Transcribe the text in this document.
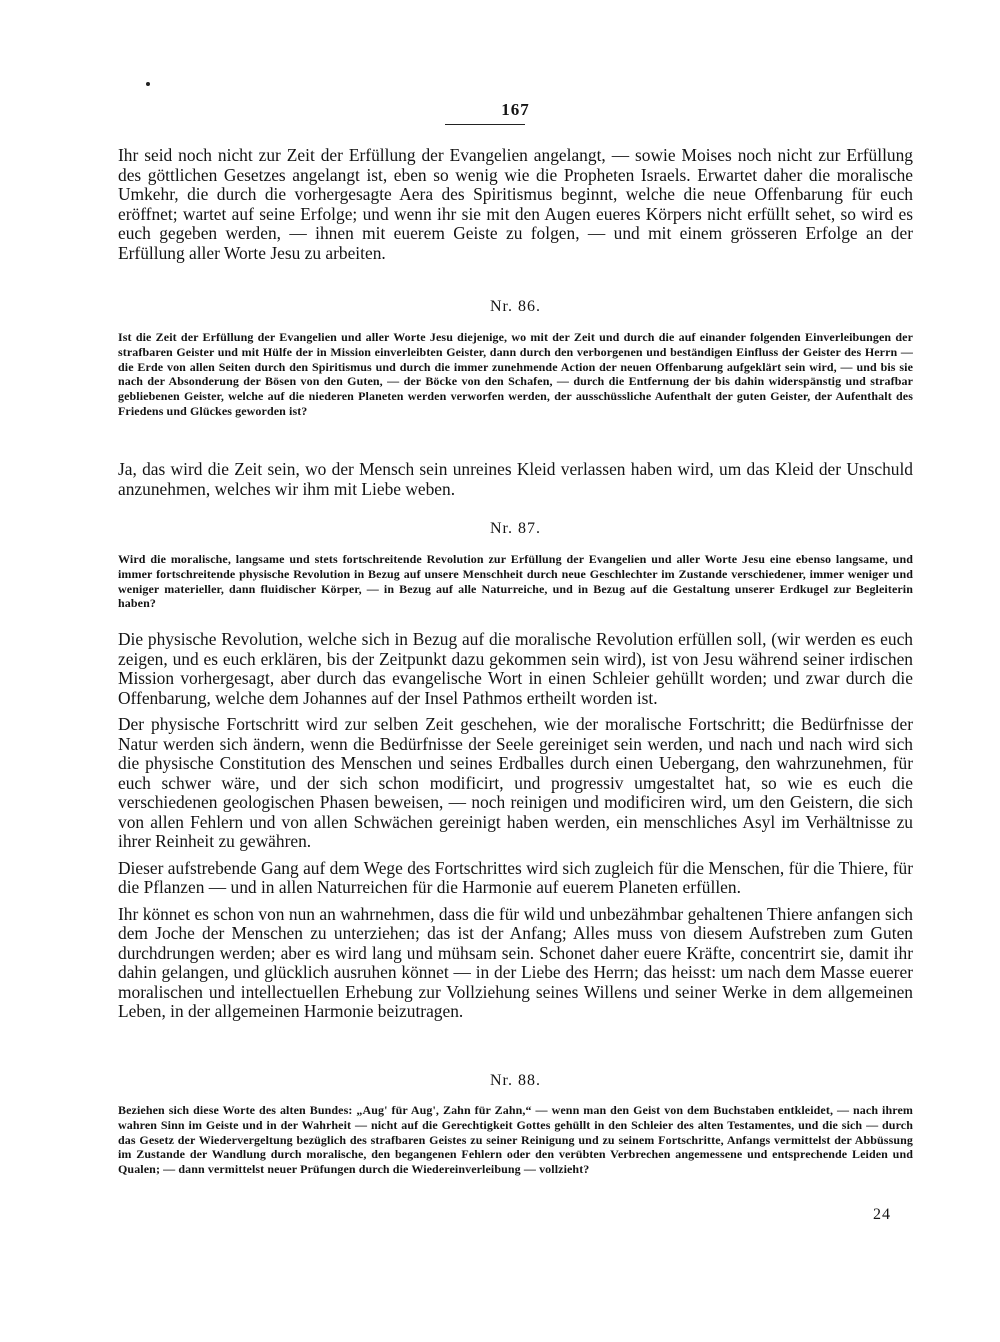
167

Ihr seid noch nicht zur Zeit der Erfüllung der Evangelien angelangt, — sowie Moises noch nicht zur Erfüllung des göttlichen Gesetzes angelangt ist, eben so wenig wie die Propheten Israels. Erwartet daher die moralische Umkehr, die durch die vorhergesagte Aera des Spiritismus beginnt, welche die neue Offenbarung für euch eröffnet; wartet auf seine Erfolge; und wenn ihr sie mit den Augen eueres Körpers nicht erfüllt sehet, so wird es euch gegeben werden, — ihnen mit euerem Geiste zu folgen, — und mit einem grösseren Erfolge an der Erfüllung aller Worte Jesu zu arbeiten.

Nr. 86.
Ist die Zeit der Erfüllung der Evangelien und aller Worte Jesu diejenige, wo mit der Zeit und durch die auf einander folgenden Einverleibungen der strafbaren Geister und mit Hülfe der in Mission einverleibten Geister, dann durch den verborgenen und beständigen Einfluss der Geister des Herrn — die Erde von allen Seiten durch den Spiritismus und durch die immer zunehmende Action der neuen Offenbarung aufgeklärt sein wird, — und bis sie nach der Absonderung der Bösen von den Guten, — der Böcke von den Schafen, — durch die Entfernung der bis dahin widerspänstig und strafbar gebliebenen Geister, welche auf die niederen Planeten werden verworfen werden, der ausschüssliche Aufenthalt der guten Geister, der Aufenthalt des Friedens und Glückes geworden ist?

Ja, das wird die Zeit sein, wo der Mensch sein unreines Kleid verlassen haben wird, um das Kleid der Unschuld anzunehmen, welches wir ihm mit Liebe weben.

Nr. 87.
Wird die moralische, langsame und stets fortschreitende Revolution zur Erfüllung der Evangelien und aller Worte Jesu eine ebenso langsame, und immer fortschreitende physische Revolution in Bezug auf unsere Menschheit durch neue Geschlechter im Zustande verschiedener, immer weniger und weniger materieller, dann fluidischer Körper, — in Bezug auf alle Naturreiche, und in Bezug auf die Gestaltung unserer Erdkugel zur Begleiterin haben?

Die physische Revolution, welche sich in Bezug auf die moralische Revolution erfüllen soll, (wir werden es euch zeigen, und es euch erklären, bis der Zeitpunkt dazu gekommen sein wird), ist von Jesu während seiner irdischen Mission vorhergesagt, aber durch das evangelische Wort in einen Schleier gehüllt worden; und zwar durch die Offenbarung, welche dem Johannes auf der Insel Pathmos ertheilt worden ist.

Der physische Fortschritt wird zur selben Zeit geschehen, wie der moralische Fortschritt; die Bedürfnisse der Natur werden sich ändern, wenn die Bedürfnisse der Seele gereiniget sein werden, und nach und nach wird sich die physische Constitution des Menschen und seines Erdballes durch einen Uebergang, den wahrzunehmen, für euch schwer wäre, und der sich schon modificirt, und progressiv umgestaltet hat, so wie es euch die verschiedenen geologischen Phasen beweisen, — noch reinigen und modificiren wird, um den Geistern, die sich von allen Fehlern und von allen Schwächen gereinigt haben werden, ein menschliches Asyl im Verhältnisse zu ihrer Reinheit zu gewähren.

Dieser aufstrebende Gang auf dem Wege des Fortschrittes wird sich zugleich für die Menschen, für die Thiere, für die Pflanzen — und in allen Naturreichen für die Harmonie auf euerem Planeten erfüllen.

Ihr könnet es schon von nun an wahrnehmen, dass die für wild und unbezähmbar gehaltenen Thiere anfangen sich dem Joche der Menschen zu unterziehen; das ist der Anfang; Alles muss von diesem Aufstreben zum Guten durchdrungen werden; aber es wird lang und mühsam sein. Schonet daher euere Kräfte, concentrirt sie, damit ihr dahin gelangen, und glücklich ausruhen könnet — in der Liebe des Herrn; das heisst: um nach dem Masse euerer moralischen und intellectuellen Erhebung zur Vollziehung seines Willens und seiner Werke in dem allgemeinen Leben, in der allgemeinen Harmonie beizutragen.

Nr. 88.
Beziehen sich diese Worte des alten Bundes: „Aug' für Aug', Zahn für Zahn,“ — wenn man den Geist von dem Buchstaben entkleidet, — nach ihrem wahren Sinn im Geiste und in der Wahrheit — nicht auf die Gerechtigkeit Gottes gehüllt in den Schleier des alten Testamentes, und die sich — durch das Gesetz der Wiedervergeltung bezüglich des strafbaren Geistes zu seiner Reinigung und zu seinem Fortschritte, Anfangs vermittelst der Abbüssung im Zustande der Wandlung durch moralische, den begangenen Fehlern oder den verübten Verbrechen angemessene und entsprechende Leiden und Qualen; — dann vermittelst neuer Prüfungen durch die Wiedereinverleibung — vollzieht?
24
